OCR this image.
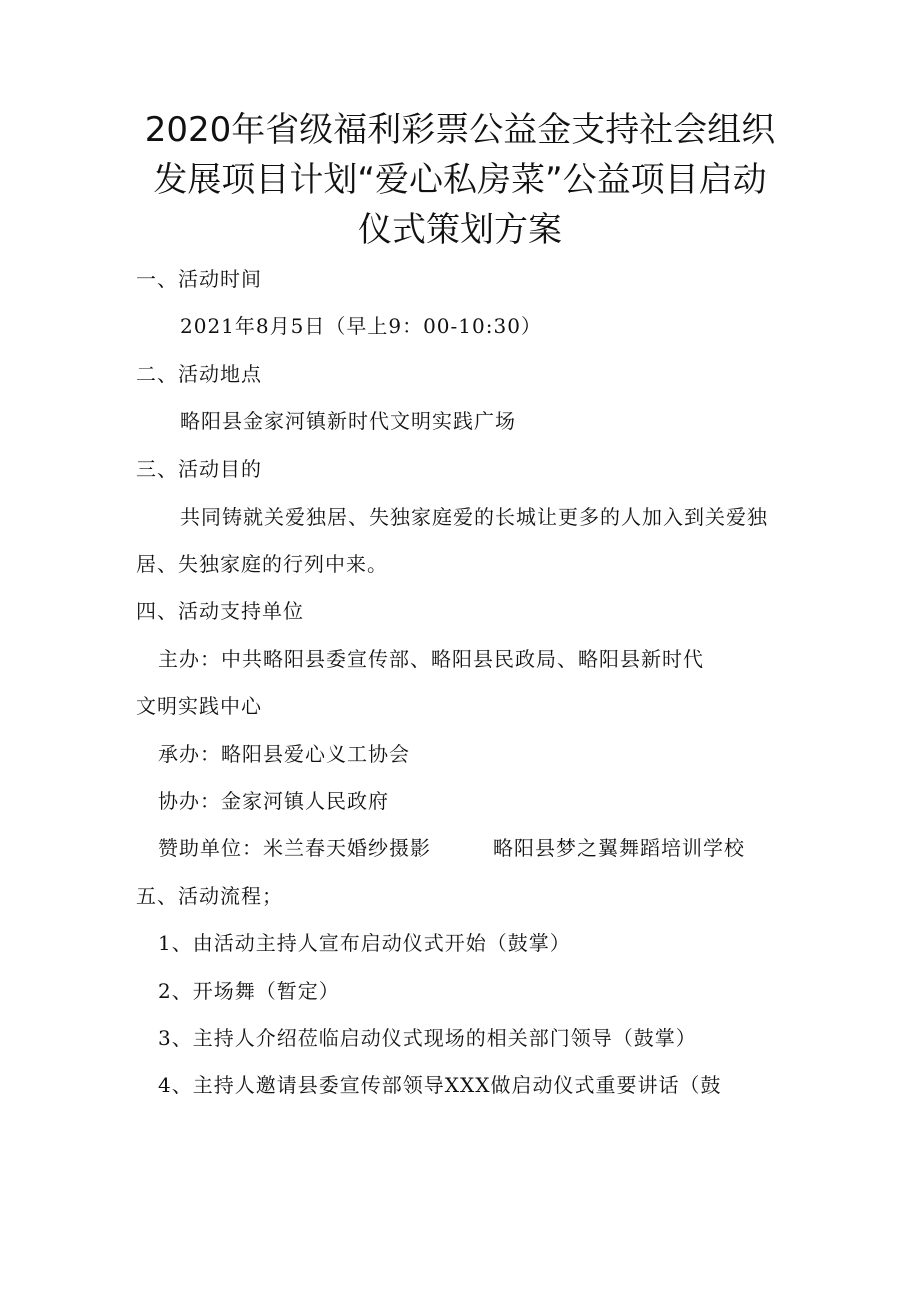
2020年省级福利彩票公益金支持社会组织
发展项目计划“爱心私房菜”公益项目启动
仪式策划方案
一、活动时间
2021年8月5日（早上9：00-10:30）
二、活动地点
略阳县金家河镇新时代文明实践广场
三、活动目的
共同铸就关爱独居、失独家庭爱的长城让更多的人加入到关爱独
居、失独家庭的行列中来。
四、活动支持单位
主办：中共略阳县委宣传部、略阳县民政局、略阳县新时代
文明实践中心
承办：略阳县爱心义工协会
协办：金家河镇人民政府
赞助单位：米兰春天婚纱摄影	略阳县梦之翼舞蹈培训学校
五、活动流程；
1、由活动主持人宣布启动仪式开始（鼓掌）
2、开场舞（暂定）
3、主持人介绍莅临启动仪式现场的相关部门领导（鼓掌）
4、主持人邀请县委宣传部领导XXX做启动仪式重要讲话（鼓
